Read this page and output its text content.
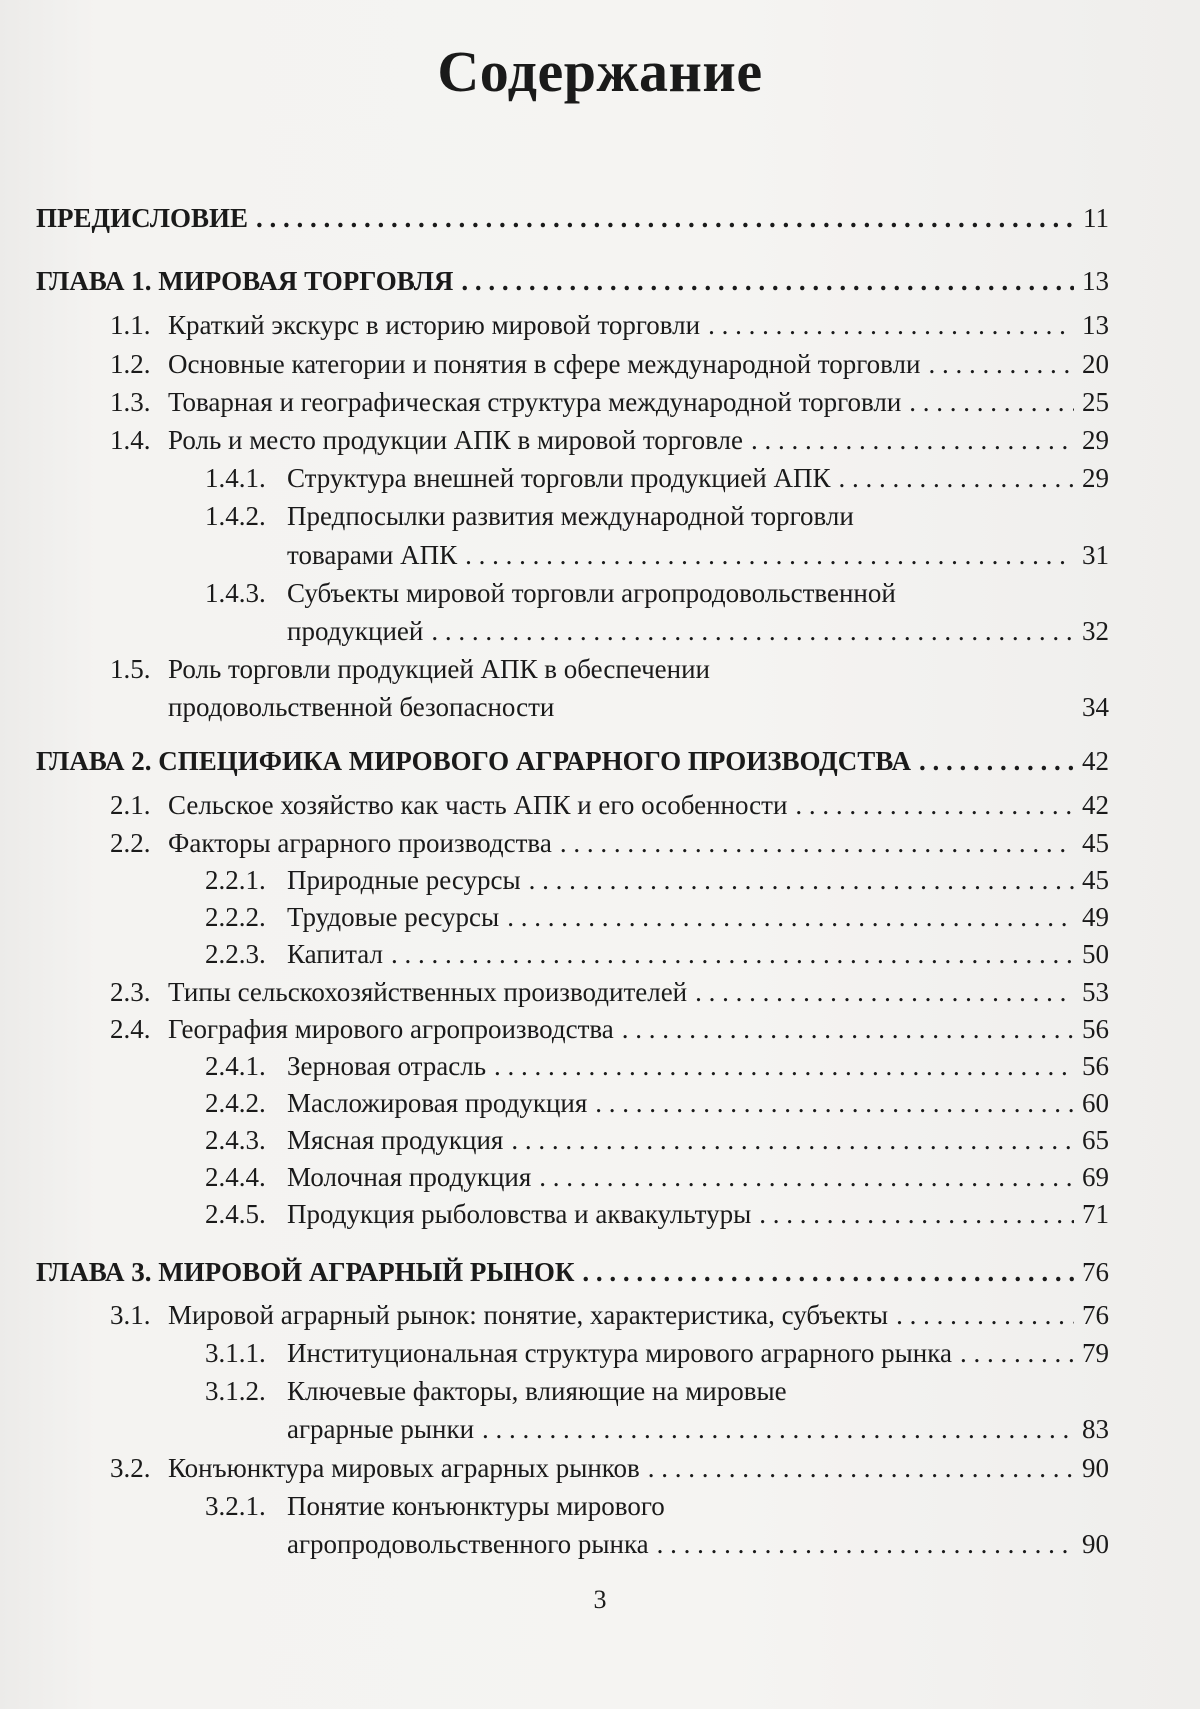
Содержание
ПРЕДИСЛОВИЕ . . .	11
ГЛАВА 1. МИРОВАЯ ТОРГОВЛЯ . . .	13
1.1. Краткий экскурс в историю мировой торговли . . .	13
1.2. Основные категории и понятия в сфере международной торговли . . .	20
1.3. Товарная и географическая структура международной торговли . . .	25
1.4. Роль и место продукции АПК в мировой торговле . . .	29
1.4.1. Структура внешней торговли продукцией АПК . . .	29
1.4.2. Предпосылки развития международной торговли
товарами АПК . . .	31
1.4.3. Субъекты мировой торговли агропродовольственной
продукцией . . .	32
1.5. Роль торговли продукцией АПК в обеспечении
продовольственной безопасности	34
ГЛАВА 2. СПЕЦИФИКА МИРОВОГО АГРАРНОГО ПРОИЗВОДСТВА . . .	42
2.1. Сельское хозяйство как часть АПК и его особенности . . .	42
2.2. Факторы аграрного производства . . .	45
2.2.1. Природные ресурсы . . .	45
2.2.2. Трудовые ресурсы . . .	49
2.2.3. Капитал . . .	50
2.3. Типы сельскохозяйственных производителей . . .	53
2.4. География мирового агропроизводства . . .	56
2.4.1. Зерновая отрасль . . .	56
2.4.2. Масложировая продукция . . .	60
2.4.3. Мясная продукция . . .	65
2.4.4. Молочная продукция . . .	69
2.4.5. Продукция рыболовства и аквакультуры . . .	71
ГЛАВА 3. МИРОВОЙ АГРАРНЫЙ РЫНОК . . .	76
3.1. Мировой аграрный рынок: понятие, характеристика, субъекты . . .	76
3.1.1. Институциональная структура мирового аграрного рынка . . .	79
3.1.2. Ключевые факторы, влияющие на мировые
аграрные рынки . . .	83
3.2. Конъюнктура мировых аграрных рынков . . .	90
3.2.1. Понятие конъюнктуры мирового
агропродовольственного рынка . . .	90
3
